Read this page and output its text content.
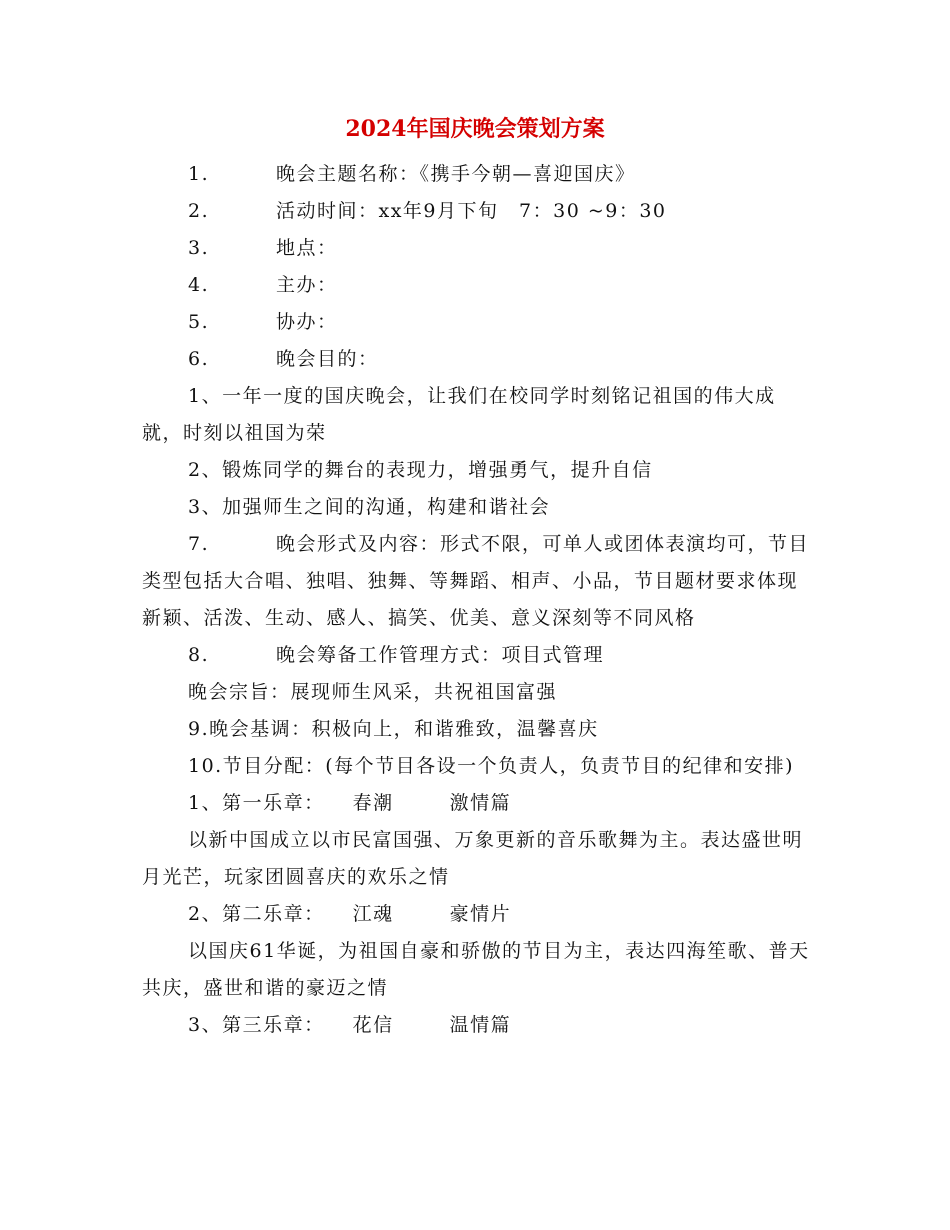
2024年国庆晚会策划方案
1.	晚会主题名称：《携手今朝—喜迎国庆》
2.	活动时间：xx年9月下旬　7：30 ~9：30
3.	地点：
4.	主办：
5.	协办：
6.	晚会目的：
1、一年一度的国庆晚会，让我们在校同学时刻铭记祖国的伟大成就，时刻以祖国为荣
2、锻炼同学的舞台的表现力，增强勇气，提升自信
3、加强师生之间的沟通，构建和谐社会
7.	晚会形式及内容：形式不限，可单人或团体表演均可，节目类型包括大合唱、独唱、独舞、等舞蹈、相声、小品，节目题材要求体现新颖、活泼、生动、感人、搞笑、优美、意义深刻等不同风格
8.	晚会筹备工作管理方式：项目式管理
晚会宗旨：展现师生风采，共祝祖国富强
9.晚会基调：积极向上，和谐雅致，温馨喜庆
10.节目分配：(每个节目各设一个负责人，负责节目的纪律和安排)
1、第一乐章： 春潮	激情篇
以新中国成立以市民富国强、万象更新的音乐歌舞为主。表达盛世明月光芒，玩家团圆喜庆的欢乐之情
2、第二乐章： 江魂	豪情片
以国庆61华诞，为祖国自豪和骄傲的节目为主，表达四海笙歌、普天共庆，盛世和谐的豪迈之情
3、第三乐章： 花信	温情篇
